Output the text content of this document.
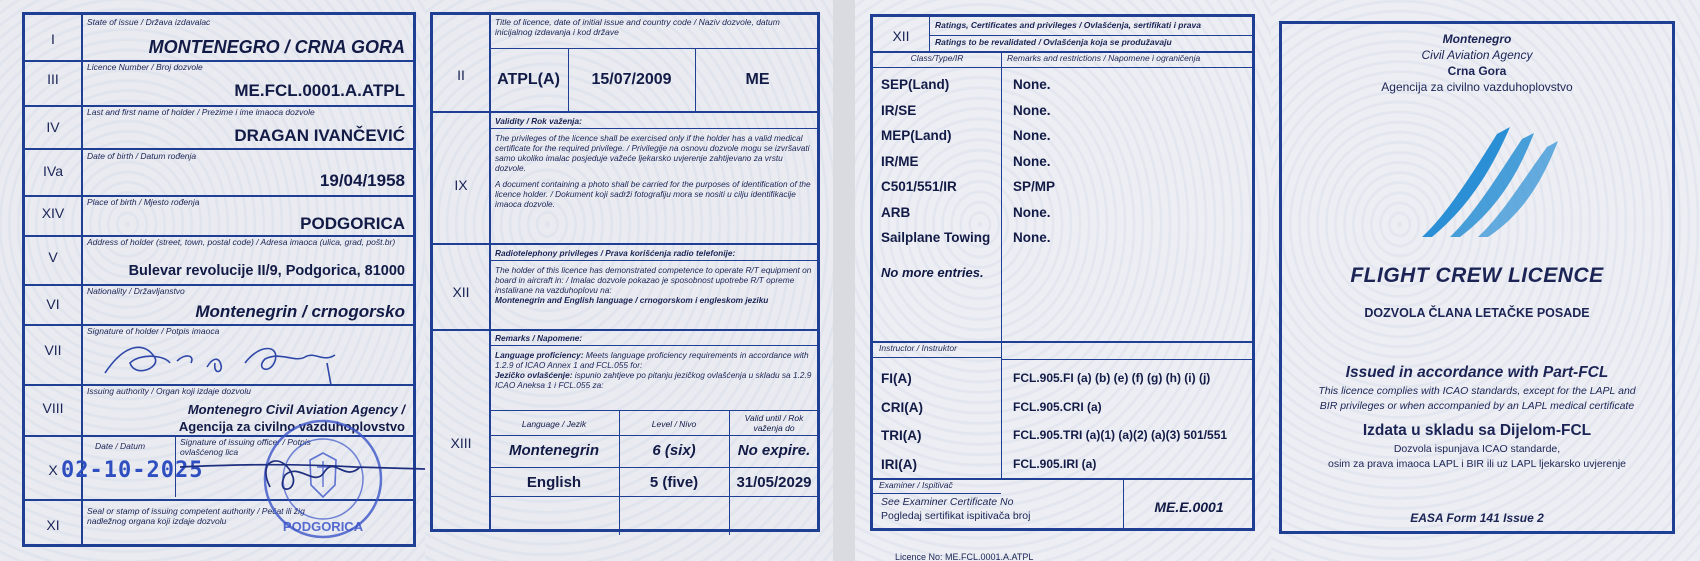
I
State of issue / Država izdavalac
MONTENEGRO / CRNA GORA
III
Licence Number / Broj dozvole
ME.FCL.0001.A.ATPL
IV
Last and first name of holder / Prezime i ime imaoca dozvole
DRAGAN IVANČEVIĆ
IVa
Date of birth / Datum rođenja
19/04/1958
XIV
Place of birth / Mjesto rođenja
PODGORICA
V
Address of holder (street, town, postal code) / Adresa imaoca (ulica, grad, pošt.br)
Bulevar revolucije II/9, Podgorica, 81000
VI
Nationality / Državljanstvo
Montenegrin / crnogorsko
VII
Signature of holder / Potpis imaoca
VIII
Issuing authority / Organ koji izdaje dozvolu
Montenegro Civil Aviation Agency /
Agencija za civilno vazduhoplovstvo
X
Date / Datum
02-10-2025
Signature of issuing officer / Potpis ovlašćenog lica
XI
Seal or stamp of issuing competent authority / Pečat ili žig nadležnog organa koji izdaje dozvolu	PODGORICA
II
Title of licence, date of initial issue and country code / Naziv dozvole, datum inicijalnog izdavanja i kod države
ATPL(A)	15/07/2009	ME
IX
Validity / Rok važenja:
The privileges of the licence shall be exercised only if the holder has a valid medical certificate for the required privilege. / Privilegije na osnovu dozvole mogu se izvršavati samo ukoliko imalac posjeduje važeće ljekarsko uvjerenje zahtijevano za vrstu dozvole.
A document containing a photo shall be carried for the purposes of identification of the licence holder. / Dokument koji sadrži fotografiju mora se nositi u cilju identifikacije imaoca dozvole.
XII
Radiotelephony privileges / Prava korišćenja radio telefonije:
The holder of this licence has demonstrated competence to operate R/T equipment on board in aircraft in: / Imalac dozvole pokazao je sposobnost upotrebe R/T opreme instalirane na vazduhoplovu na:
Montenegrin and English language / crnogorskom i engleskom jeziku
XIII
Remarks / Napomene:
Language proficiency: Meets language proficiency requirements in accordance with 1.2.9 of ICAO Annex 1 and FCL.055 for:
Jezičko ovlašćenje: ispunio zahtjeve po pitanju jezičkog ovlašćenja u skladu sa 1.2.9 ICAO Aneksa 1 i FCL.055 za:
Language / Jezik	Level / Nivo
Valid until / Rok važenja do
Montenegrin	6 (six)	No expire.
English	5 (five)	31/05/2029
XII
Ratings, Certificates and privileges / Ovlašćenja, sertifikati i prava
Ratings to be revalidated / Ovlašćenja koja se produžavaju
Class/Type/IR	Remarks and restrictions / Napomene i ograničenja
SEP(Land)	None.
IR/SE	None.
MEP(Land)	None.
IR/ME	None.
C501/551/IR	SP/MP
ARB	None.
Sailplane Towing None.
No more entries.
Instructor / Instruktor
FI(A)	FCL.905.FI (a) (b) (e) (f) (g) (h) (i) (j)
CRI(A)	FCL.905.CRI (a)
TRI(A)	FCL.905.TRI (a)(1) (a)(2) (a)(3) 501/551
IRI(A)	FCL.905.IRI (a)
Examiner / Ispitivač
See Examiner Certificate No
Pogledaj sertifikat ispitivača broj
ME.E.0001
Licence No: ME.FCL.0001.A.ATPL
Montenegro
Civil Aviation Agency
Crna Gora
Agencija za civilno vazduhoplovstvo
FLIGHT CREW LICENCE
DOZVOLA ČLANA LETAČKE POSADE
Issued in accordance with Part-FCL
This licence complies with ICAO standards, except for the LAPL and
BIR privileges or when accompanied by an LAPL medical certificate
Izdata u skladu sa Dijelom-FCL
Dozvola ispunjava ICAO standarde,
osim za prava imaoca LAPL i BIR ili uz LAPL ljekarsko uvjerenje
EASA Form 141 Issue 2
